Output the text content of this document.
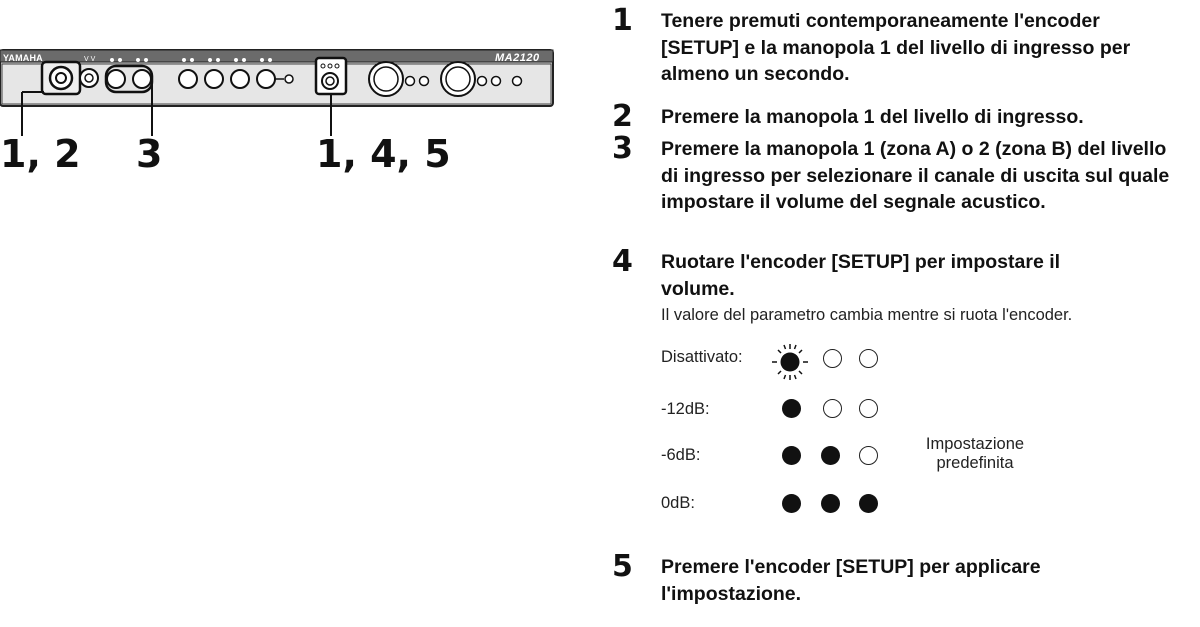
V V
YAMAHA	MA2120
1, 2 3	1, 4, 5
1 Tenere premuti contemporaneamente l'encoder [SETUP] e la manopola 1 del livello di ingresso per almeno un secondo.
2 Premere la manopola 1 del livello di ingresso.
3 Premere la manopola 1 (zona A) o 2 (zona B) del livello di ingresso per selezionare il canale di uscita sul quale impostare il volume del segnale acustico.
4 Ruotare l'encoder [SETUP] per impostare il volume.
Il valore del parametro cambia mentre si ruota l'encoder.
Disattivato:
-12dB:
-6dB:
0dB:
Impostazione predefinita
5 Premere l'encoder [SETUP] per applicare l'impostazione.
